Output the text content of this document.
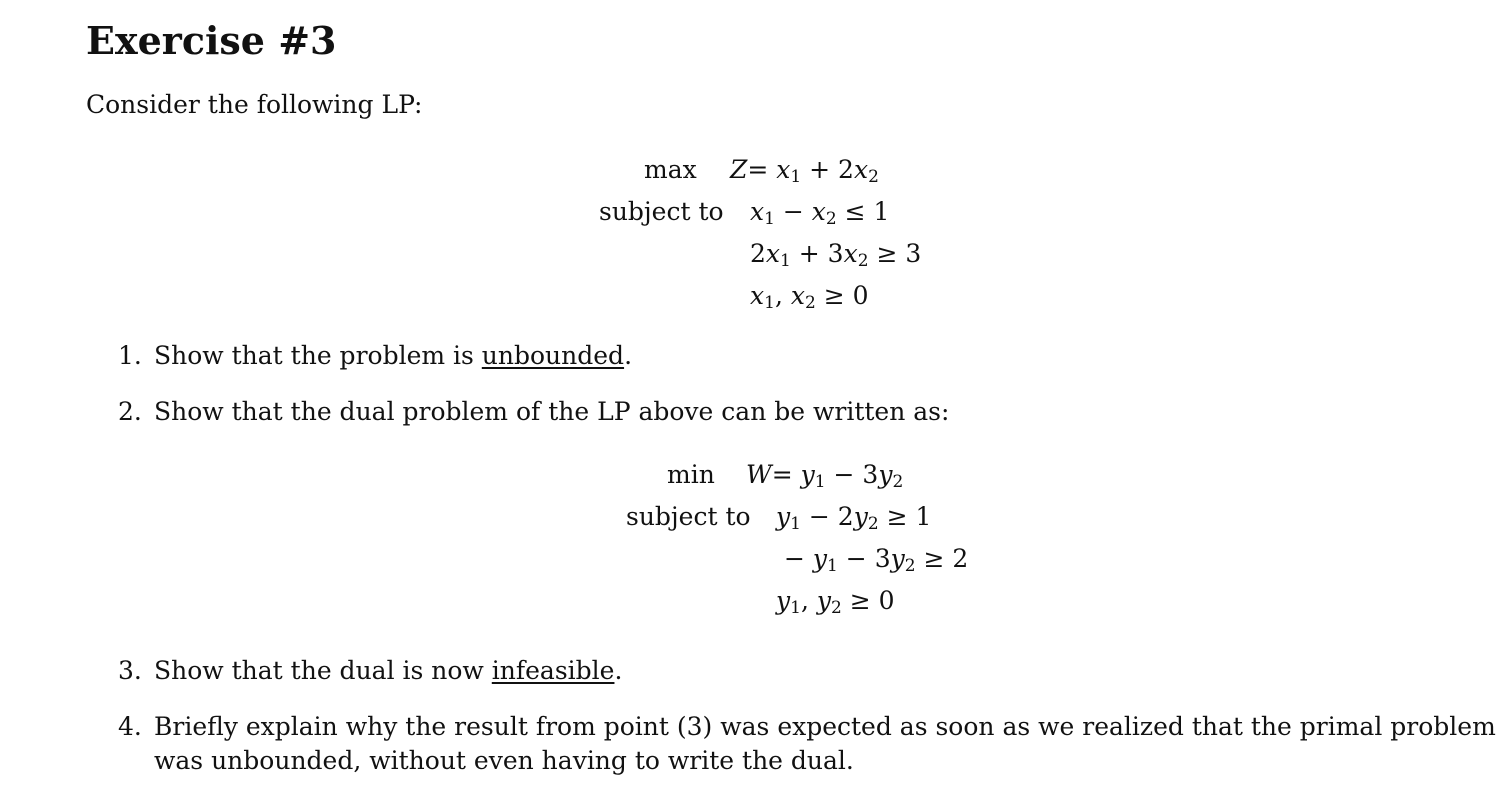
Exercise #3
Consider the following LP:
$\max Z= x_1 + 2x_2$
subject to $x_1 - x_2 \le 1$
$2x_1 + 3x_2 \ge 3$
$x_1$, $x_2 \ge 0$
1. Show that the problem is unbounded.
2. Show that the dual problem of the LP above can be written as:
$\min W= y_1 - 3y_2$
subject to $y_1 - 2y_2 \ge 1$
− $y_1 - 3y_2 \ge 2$
$y_1$, $y_2 \ge 0$
3. Show that the dual is now infeasible.
4. Briefly explain why the result from point (3) was expected as soon as we realized that the primal problem
was unbounded, without even having to write the dual.
